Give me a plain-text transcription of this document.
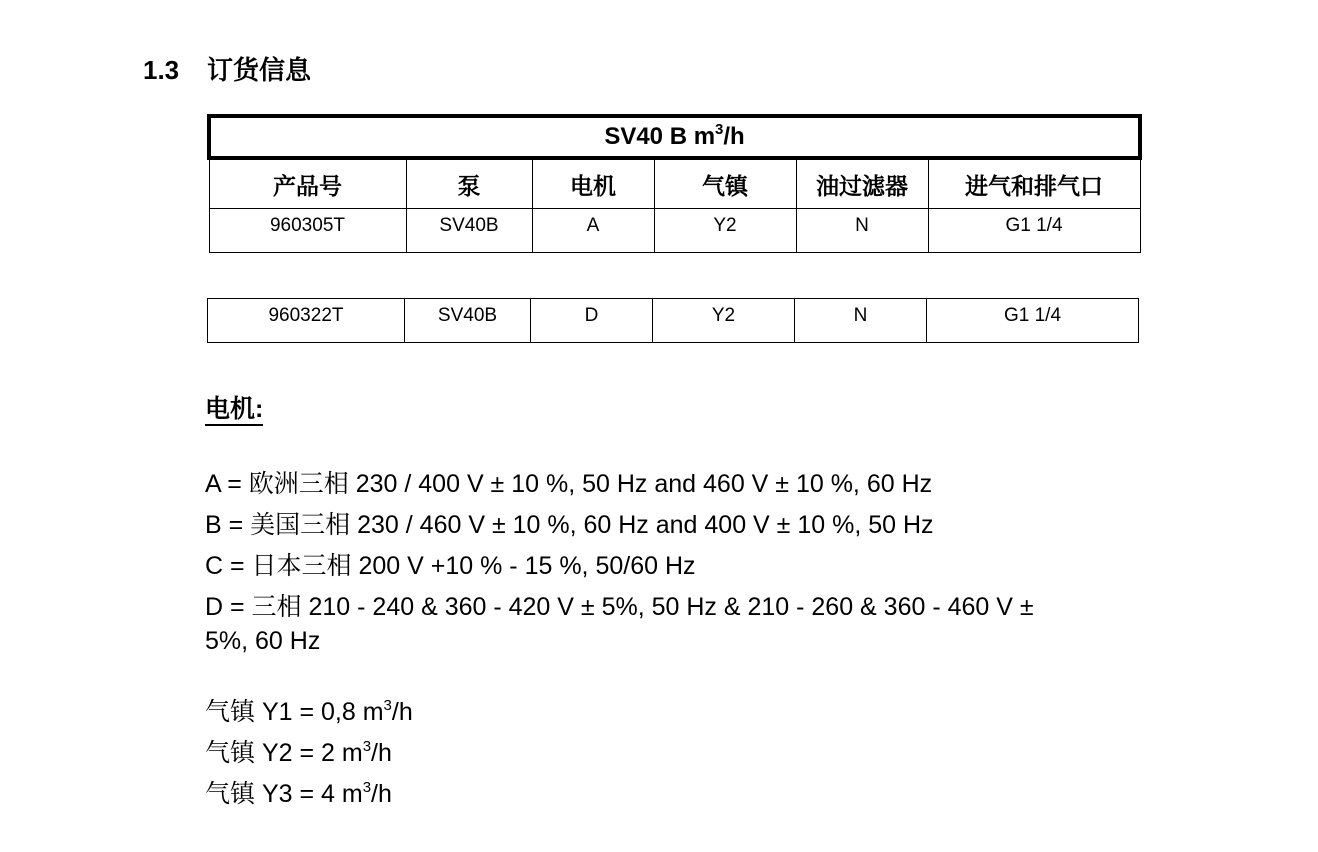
1.3 订货信息
SV40 B $m^3/h$					
产品号	泵	电机	气镇	油过滤器	进气和排气口
960305T	SV40B	A	Y2	N	G1 1/4
960322T	SV40B	D	Y2	N	G1 1/4
电机:
A = 欧洲三相 230 / 400 V ± 10 %, 50 Hz and 460 V ± 10 %, 60 Hz
B = 美国三相 230 / 460 V ± 10 %, 60 Hz and 400 V ± 10 %, 50 Hz
C = 日本三相 200 V +10 % - 15 %, 50/60 Hz
D = 三相 210 - 240 & 360 - 420 V ± 5%, 50 Hz & 210 - 260 & 360 - 460 V ± 5%, 60 Hz
气镇 Y1 = 0,8 $m^3/h$
气镇 Y2 = 2 $m^3/h$
气镇 Y3 = 4 $m^3/h$
